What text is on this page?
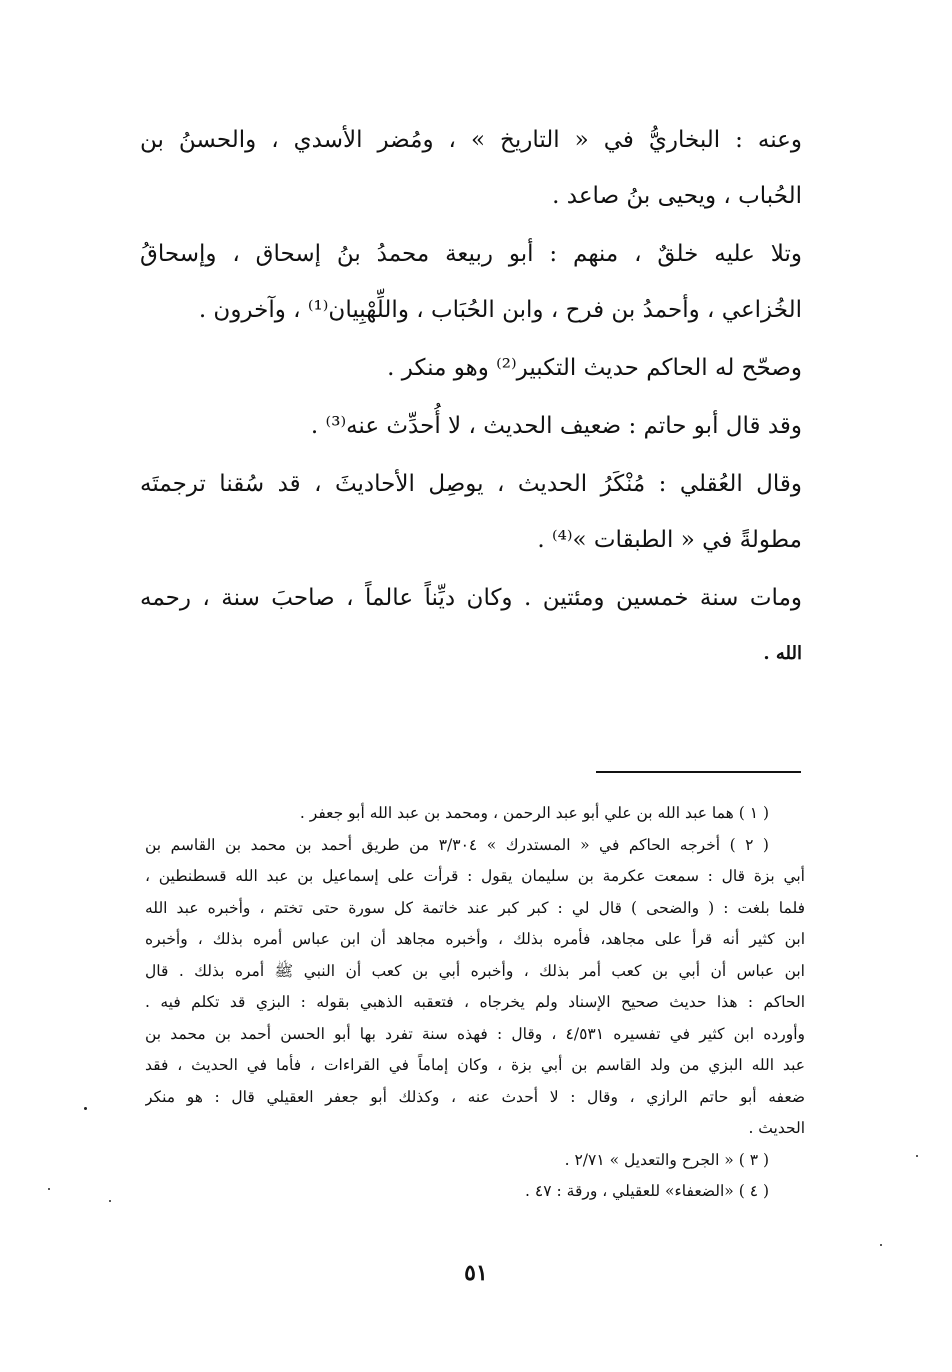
وعنه : البخاريُّ في « التاريخ » ، ومُضر الأسدي ، والحسنُ بن
الحُباب ، ويحيى بنُ صاعد .
وتلا عليه خلقٌ ، منهم : أبو ربيعة محمدُ بنُ إسحاق ، وإسحاقُ
الخُزاعي ، وأحمدُ بن فرح ، وابن الحُبَاب ، واللِّهْبِيان⁽¹⁾ ، وآخرون .
وصحّح له الحاكم حديث التكبير⁽²⁾ وهو منكر .
وقد قال أبو حاتم : ضعيف الحديث ، لا أُحدِّث عنه⁽³⁾ .
وقال العُقلي : مُنْكَرُ الحديث ، يوصِل الأحاديثَ ، قد سُقنا ترجمتَه
مطولةً في « الطبقات »⁽⁴⁾ .
ومات سنة خمسين ومئتين . وكان ديِّناً عالماً ، صاحبَ سنة ، رحمه
الله .
( ١ ) هما عبد الله بن علي أبو عبد الرحمن ، ومحمد بن عبد الله أبو جعفر .
( ٢ ) أخرجه الحاكم في « المستدرك » ٣/٣٠٤ من طريق أحمد بن محمد بن القاسم بن
أبي بزة قال : سمعت عكرمة بن سليمان يقول : قرأت على إسماعيل بن عبد الله قسطنطين ،
فلما بلغت : ( والضحى ) قال لي : كبر كبر عند خاتمة كل سورة حتى تختم ، وأخبره عبد الله
ابن كثير أنه قرأ على مجاهد، فأمره بذلك ، وأخبره مجاهد أن ابن عباس أمره بذلك ، وأخبره
ابن عباس أن أبي بن كعب أمر بذلك ، وأخبره أبي بن كعب أن النبي ﷺ أمره بذلك . قال
الحاكم : هذا حديث صحيح الإسناد ولم يخرجاه ، فتعقبه الذهبي بقوله : البزي قد تكلم فيه .
وأورده ابن كثير في تفسيره ٤/٥٣١ ، وقال : فهذه سنة تفرد بها أبو الحسن أحمد بن محمد بن
عبد الله البزي من ولد القاسم بن أبي بزة ، وكان إماماً في القراءات ، فأما في الحديث ، فقد
ضعفه أبو حاتم الرازي ، وقال : لا أحدث عنه ، وكذلك أبو جعفر العقيلي قال : هو منكر
الحديث .
( ٣ ) « الجرح والتعديل » ٢/٧١ .
( ٤ ) «الضعفاء» للعقيلي ، ورقة : ٤٧ .
٥١
